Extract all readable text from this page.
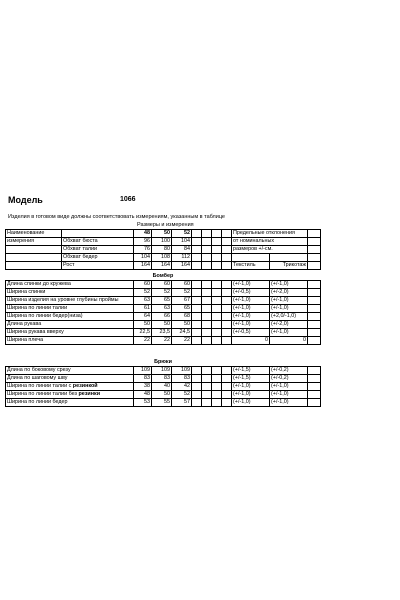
Модель	1066
Изделия в готовом виде должны соответствовать измерениям, указанным в таблице
Размеры и измерения
Наименование		48	50	52					Предельные отклонения		
измерения	Обхват бюста	96	100	104					от номинальных		
	Обхват талии	76	80	84					размеров +/-см.		
	Обхват бедер	104	108	112							
	Рост	164	164	164					Текстиль	Трикотаж	
Бомбер										
Длина спинки до кружева	60	60	60					(+/-1,0)	(+/-1,0)	
Ширина спинки	52	52	52					(+/-0,5)	(+/-2,0)	
Ширина изделия на уровне глубины проймы	63	65	67					(+/-1,0)	(+/-1,0)	
Ширина по линии талии	61	63	65					(+/-1,0)	(+/-1,0)	
Ширина по линии бедер(низа)	64	66	68					(+/-1,0)	(+2,0/-1,0)	
Длина рукава	50	50	50					(+/-1,0)	(+/-2,0)	
Ширина рукава вверху	22,5	23,5	24,5					(+/-0,5)	(+/-1,0)	
Ширина плеча	22	22	22					0	0	
Брюки										
Длина по боковому срезу	109	109	109					(+/-1,5)	(+/-0,2)	
Длина по шаговому шву	83	83	83					(+/-1,5)	(+/-0,2)	
Ширина по линии талии с резинкой	38	40	42					(+/-1,0)	(+/-1,0)	
Ширина по линии талии без резинки	48	50	52					(+/-1,0)	(+/-1,0)	
Ширина по линии бедер	53	55	57					(+/-1,0)	(+/-1,0)	
